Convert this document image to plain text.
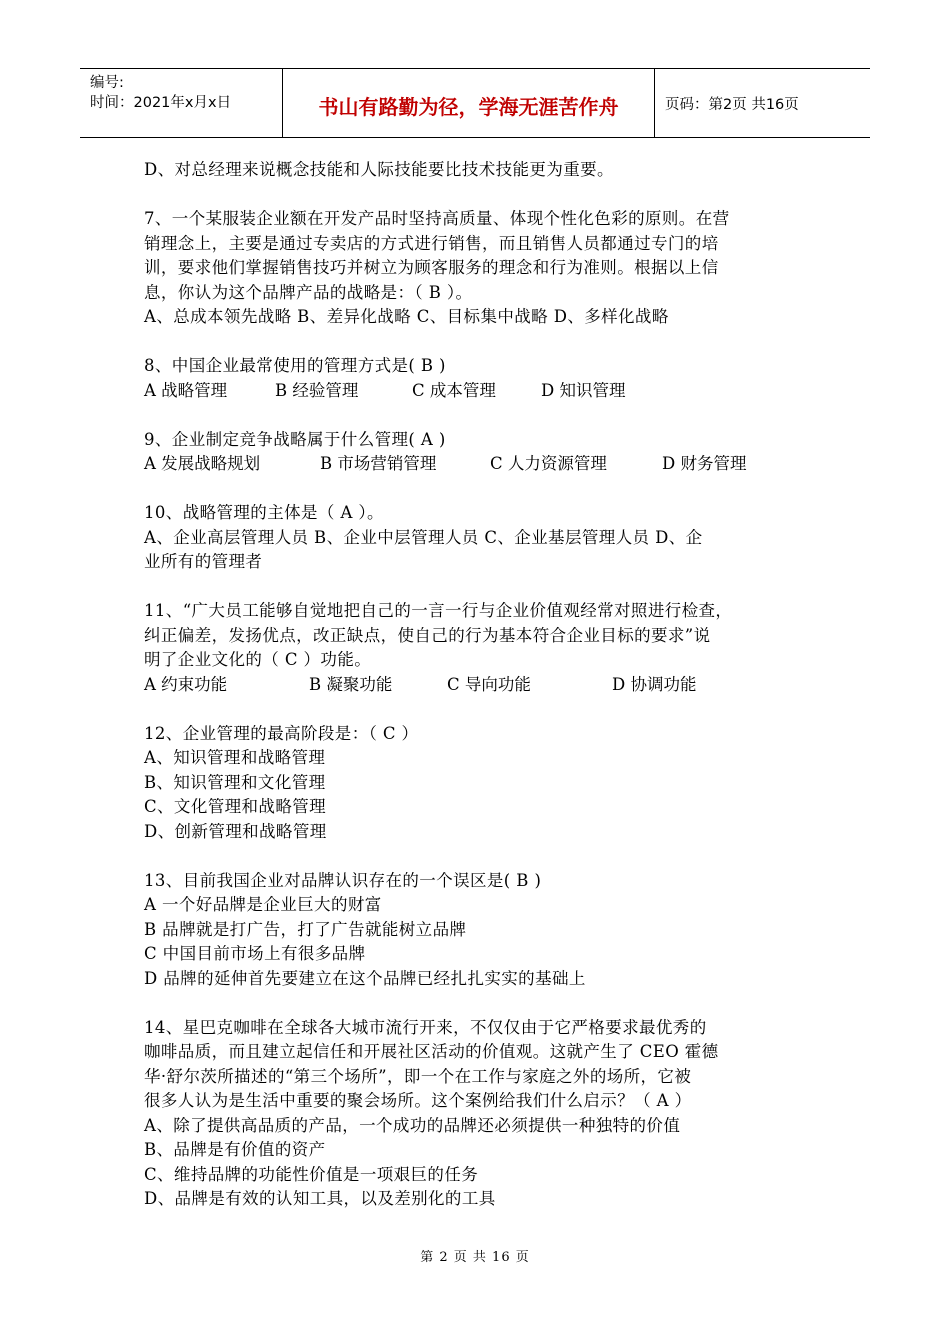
编号:
时间：2021年x月x日	书山有路勤为径，学海无涯苦作舟	页码：第2页 共16页
D、对总经理来说概念技能和人际技能要比技术技能更为重要。
7、一个某服装企业额在开发产品时坚持高质量、体现个性化色彩的原则。在营
销理念上，主要是通过专卖店的方式进行销售，而且销售人员都通过专门的培
训，要求他们掌握销售技巧并树立为顾客服务的理念和行为准则。根据以上信
息，你认为这个品牌产品的战略是：（ B ）。
A、总成本领先战略 B、差异化战略 C、目标集中战略 D、多样化战略
8、中国企业最常使用的管理方式是( B )
A 战略管理	B 经验管理	C 成本管理	D 知识管理
9、企业制定竞争战略属于什么管理( A )
A 发展战略规划	B 市场营销管理	C 人力资源管理	D 财务管理
10、战略管理的主体是（ A ）。
A、企业高层管理人员 B、企业中层管理人员 C、企业基层管理人员 D、企
业所有的管理者
11、“广大员工能够自觉地把自己的一言一行与企业价值观经常对照进行检查，
纠正偏差，发扬优点，改正缺点，使自己的行为基本符合企业目标的要求”说
明了企业文化的（ C ）功能。
A 约束功能	B 凝聚功能	C 导向功能	D 协调功能
12、企业管理的最高阶段是：（ C ）
A、知识管理和战略管理
B、知识管理和文化管理
C、文化管理和战略管理
D、创新管理和战略管理
13、目前我国企业对品牌认识存在的一个误区是( B )
A 一个好品牌是企业巨大的财富
B 品牌就是打广告，打了广告就能树立品牌
C 中国目前市场上有很多品牌
D 品牌的延伸首先要建立在这个品牌已经扎扎实实的基础上
14、星巴克咖啡在全球各大城市流行开来，不仅仅由于它严格要求最优秀的
咖啡品质，而且建立起信任和开展社区活动的价值观。这就产生了 CEO 霍德
华·舒尔茨所描述的“第三个场所”，即一个在工作与家庭之外的场所，它被
很多人认为是生活中重要的聚会场所。这个案例给我们什么启示？（ A ）
A、除了提供高品质的产品，一个成功的品牌还必须提供一种独特的价值
B、品牌是有价值的资产
C、维持品牌的功能性价值是一项艰巨的任务
D、品牌是有效的认知工具，以及差别化的工具
第 2 页 共 16 页
